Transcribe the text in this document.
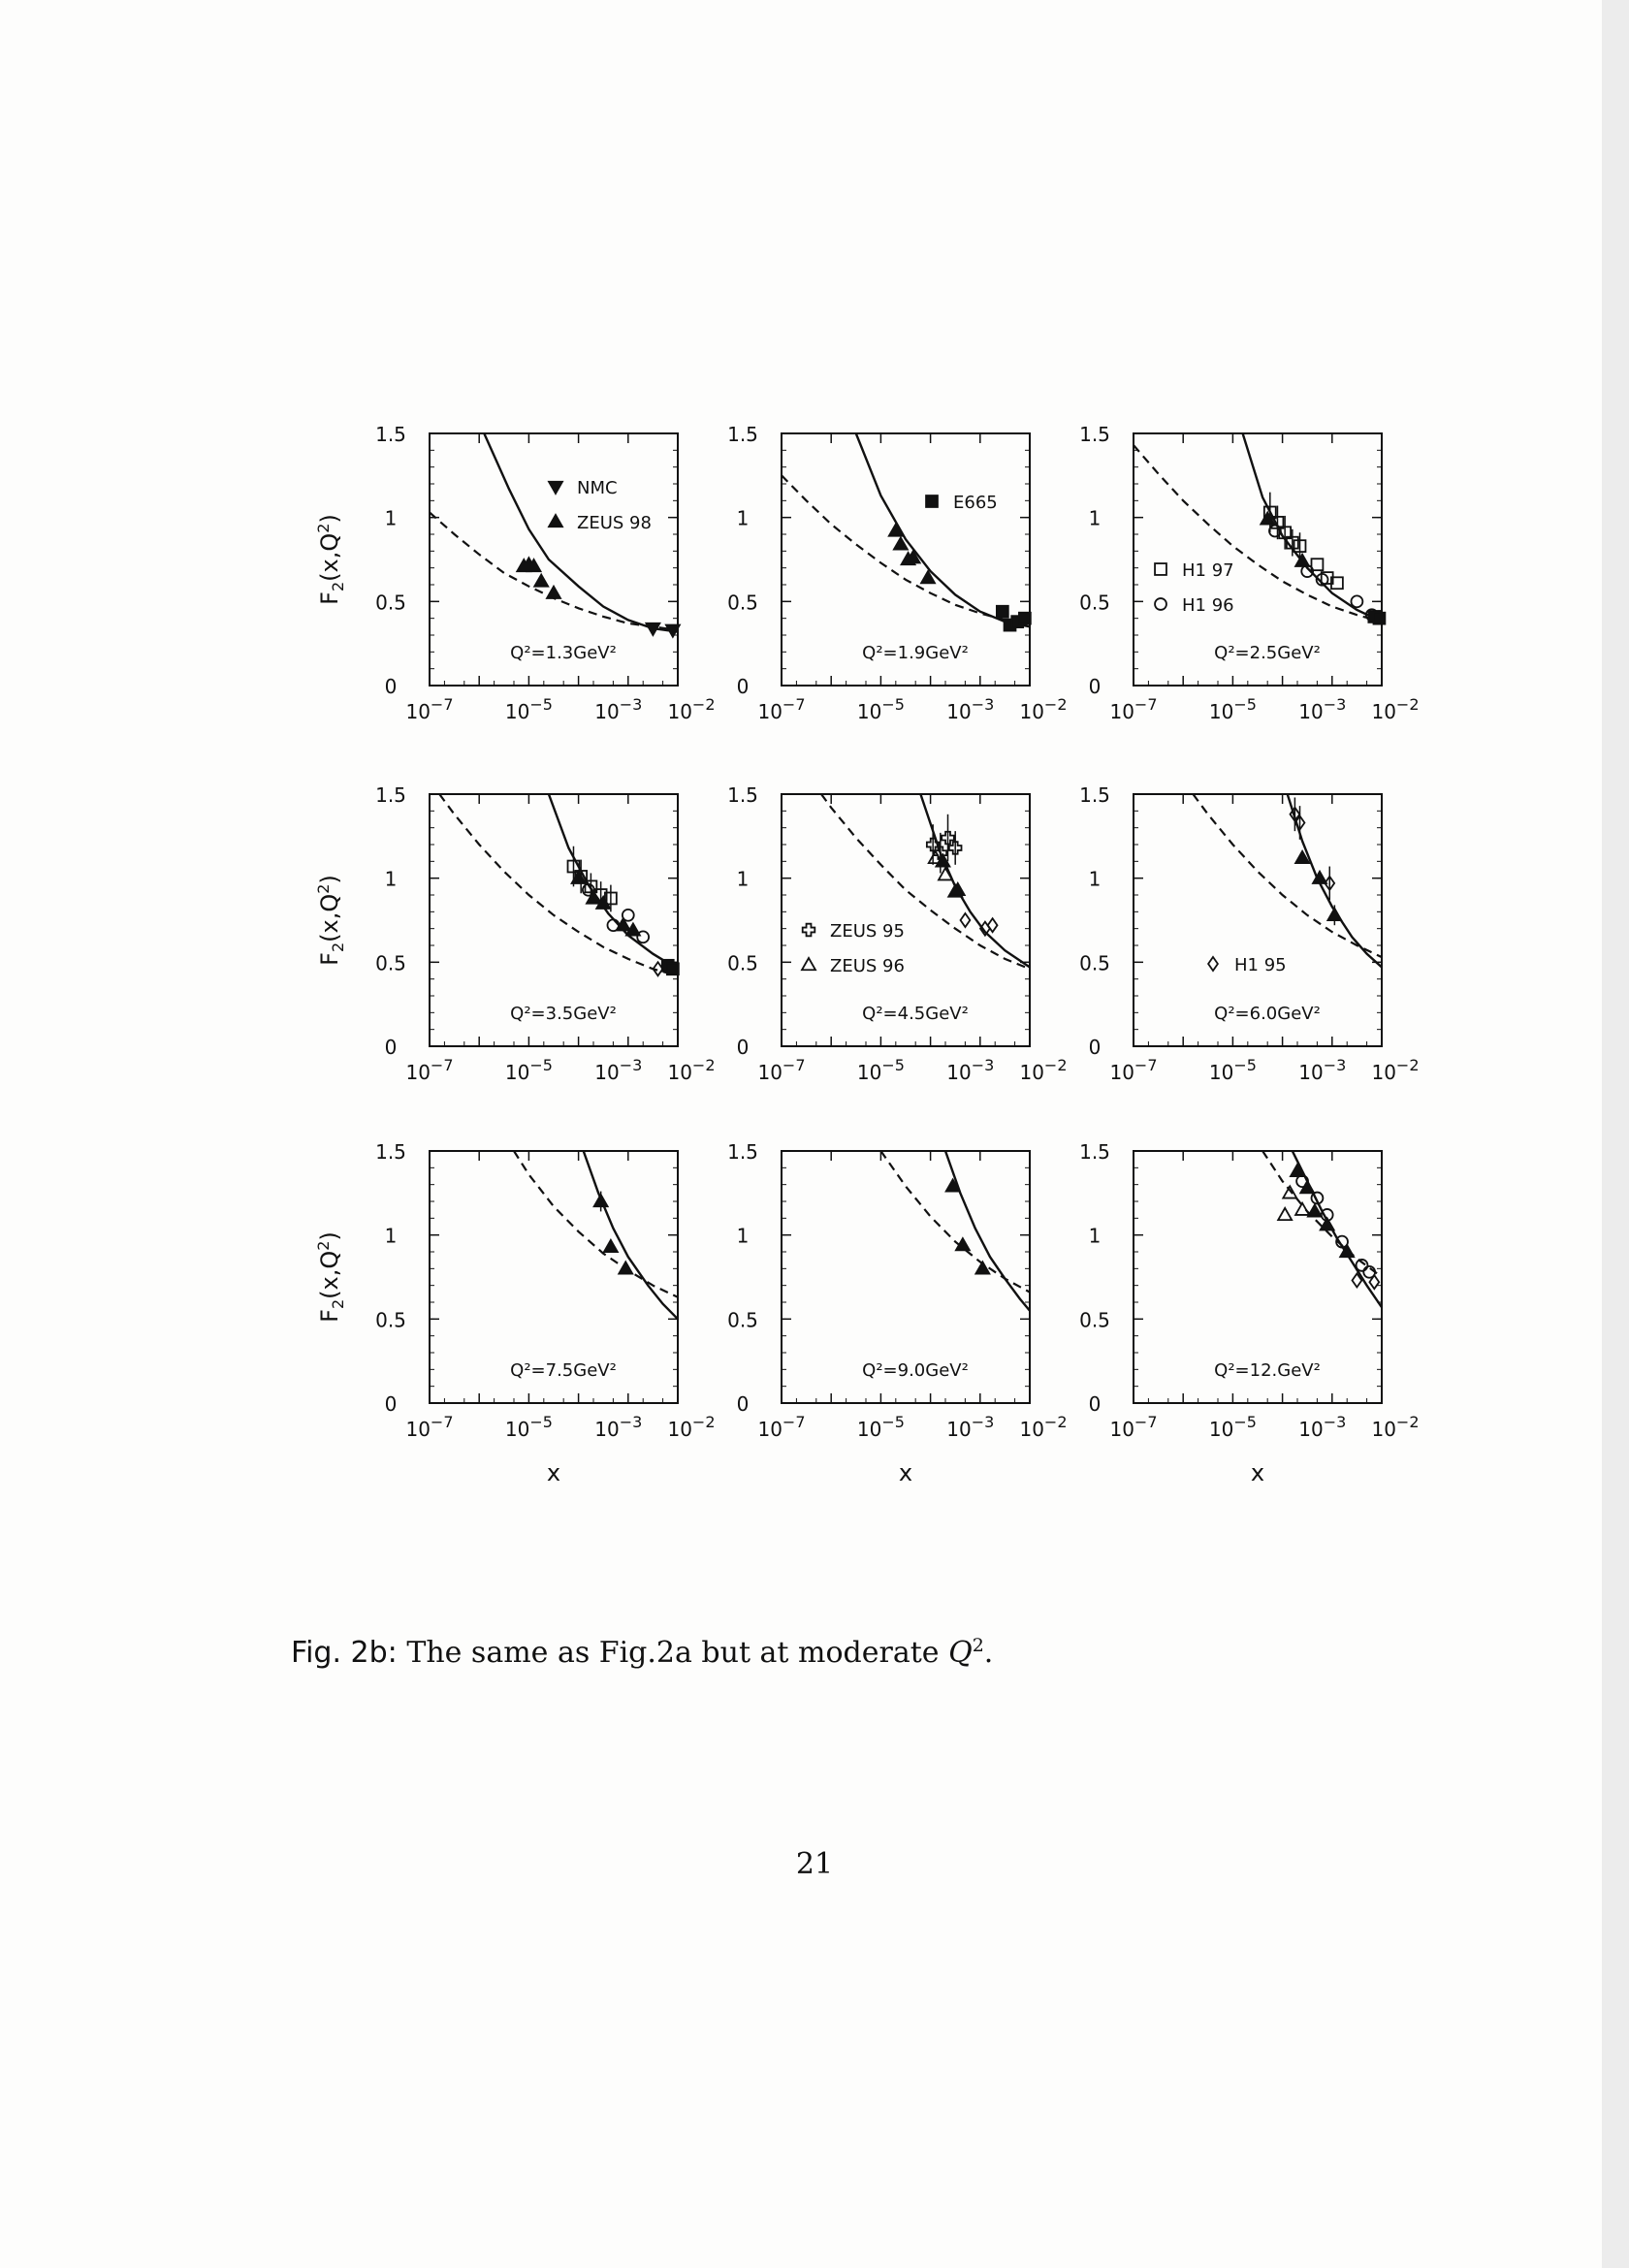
0
0.5
1
1.5
$10^{-7}$	$10^{-5}$ $10^{-3}$ $10^{-2}$
Q²=1.3GeV²
NMC
ZEUS 98
$F_2(x,Q^2)$
0
0.5
1
1.5
$10^{-7}$	$10^{-5}$ $10^{-3}$ $10^{-2}$
Q²=1.9GeV²
E665
0
0.5
1
1.5
$10^{-7}$	$10^{-5}$ $10^{-3}$ $10^{-2}$
Q²=2.5GeV²
H1 97
H1 96
0
0.5
1
1.5
$10^{-7}$	$10^{-5}$ $10^{-3}$ $10^{-2}$
Q²=3.5GeV²
$F_2(x,Q^2)$
0
0.5
1
1.5
$10^{-7}$	$10^{-5}$ $10^{-3}$ $10^{-2}$
Q²=4.5GeV²
ZEUS 95
ZEUS 96
0
0.5
1
1.5
$10^{-7}$	$10^{-5}$ $10^{-3}$ $10^{-2}$
Q²=6.0GeV²
H1 95
0
0.5
1
1.5
$10^{-7}$	$10^{-5}$ $10^{-3}$ $10^{-2}$
Q²=7.5GeV²
$F_2(x,Q^2)$
x
0
0.5
1
1.5
$10^{-7}$	$10^{-5}$ $10^{-3}$ $10^{-2}$
Q²=9.0GeV²
x
0
0.5
1
1.5
$10^{-7}$	$10^{-5}$ $10^{-3}$ $10^{-2}$
Q²=12.GeV²
x
Fig. 2b: The same as Fig.2a but at moderate $Q^2$.
21
